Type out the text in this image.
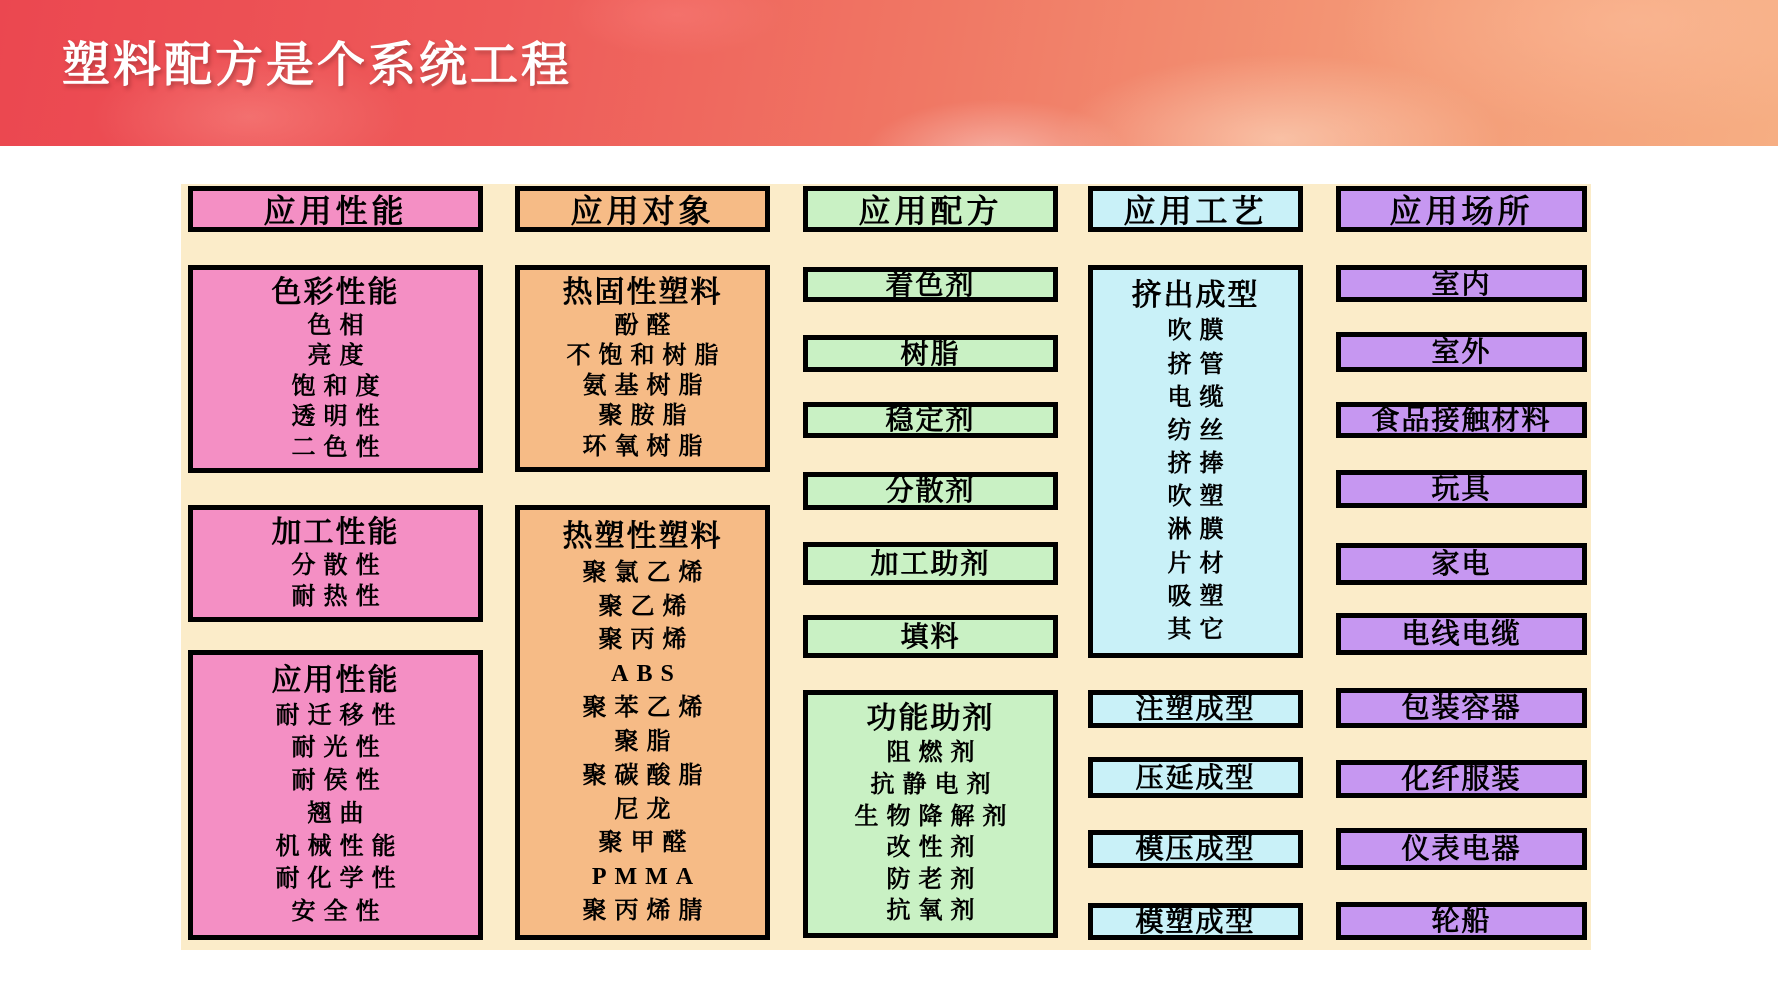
塑料配方是个系统工程
应用性能
色彩性能
色相
亮度
饱和度
透明性
二色性
加工性能
分散性
耐热性
应用性能
耐迁移性
耐光性
耐侯性
翘曲
机械性能
耐化学性
安全性
应用对象
热固性塑料
酚醛
不饱和树脂
氨基树脂
聚胺脂
环氧树脂
热塑性塑料
聚氯乙烯
聚乙烯
聚丙烯
ABS
聚苯乙烯
聚脂
聚碳酸脂
尼龙
聚甲醛
PMMA
聚丙烯腈
应用配方
着色剂
树脂
稳定剂
分散剂
加工助剂
填料
功能助剂
阻燃剂
抗静电剂
生物降解剂
改性剂
防老剂
抗氧剂
应用工艺
挤出成型
吹膜
挤管
电缆
纺丝
挤捧
吹塑
淋膜
片材
吸塑
其它
注塑成型
压延成型
模压成型
模塑成型
应用场所
室内
室外
食品接触材料
玩具
家电
电线电缆
包装容器
化纤服装
仪表电器
轮船
